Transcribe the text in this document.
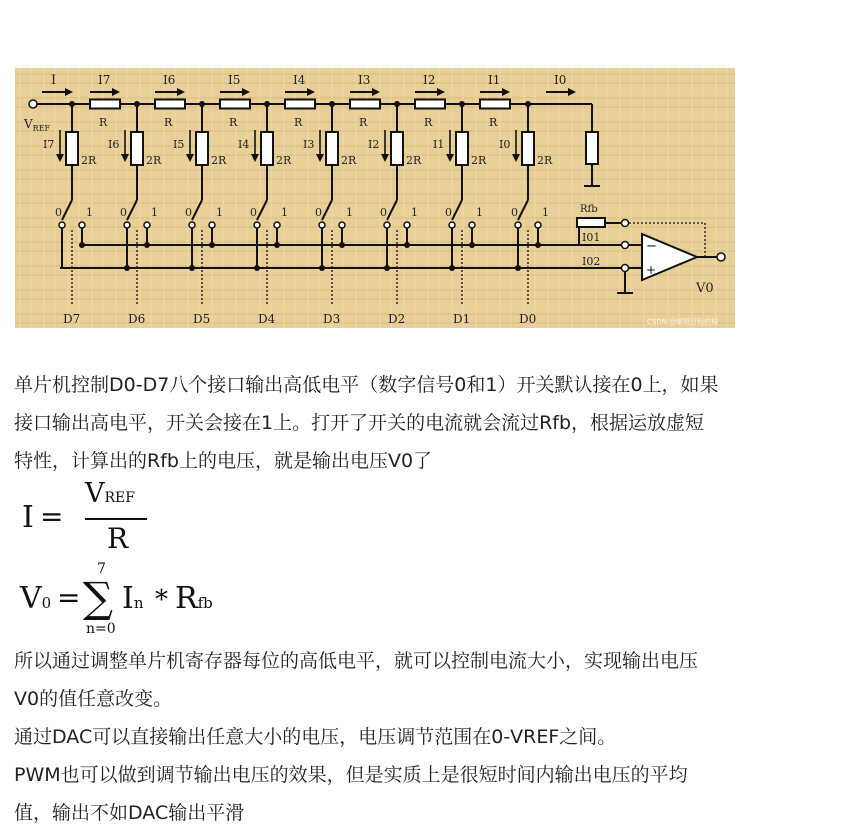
I
$V_{REF}$	R
I7
2R
I7
0 1
D7
R
I6
2R
I6
0 1
D6
R
I5
2R
I5
0 1
D5
R
I4
2R
I4
0 1
D4
R
I3
2R
I3
0 1
D3
R
I2
2R
I2
0 1
D2
R
I1
2R
I1
0 1
D1
I0
2R
I0
0 1
D0
Rfb
−
+
V0
I01
I02
CSDN @邮箱目标的城

单片机控制D0-D7八个接口输出高低电平（数字信号0和1）开关默认接在0上，如果
接口输出高电平，开关会接在1上。打开了开关的电流就会流过Rfb，根据运放虚短
特性，计算出的Rfb上的电压，就是输出电压V0了

I =
VREF
R
V0 =
7
∑
n=0
In * Rfb

所以通过调整单片机寄存器每位的高低电平，就可以控制电流大小，实现输出电压
V0的值任意改变。

通过DAC可以直接输出任意大小的电压，电压调节范围在0-VREF之间。

PWM也可以做到调节输出电压的效果，但是实质上是很短时间内输出电压的平均
值，输出不如DAC输出平滑
